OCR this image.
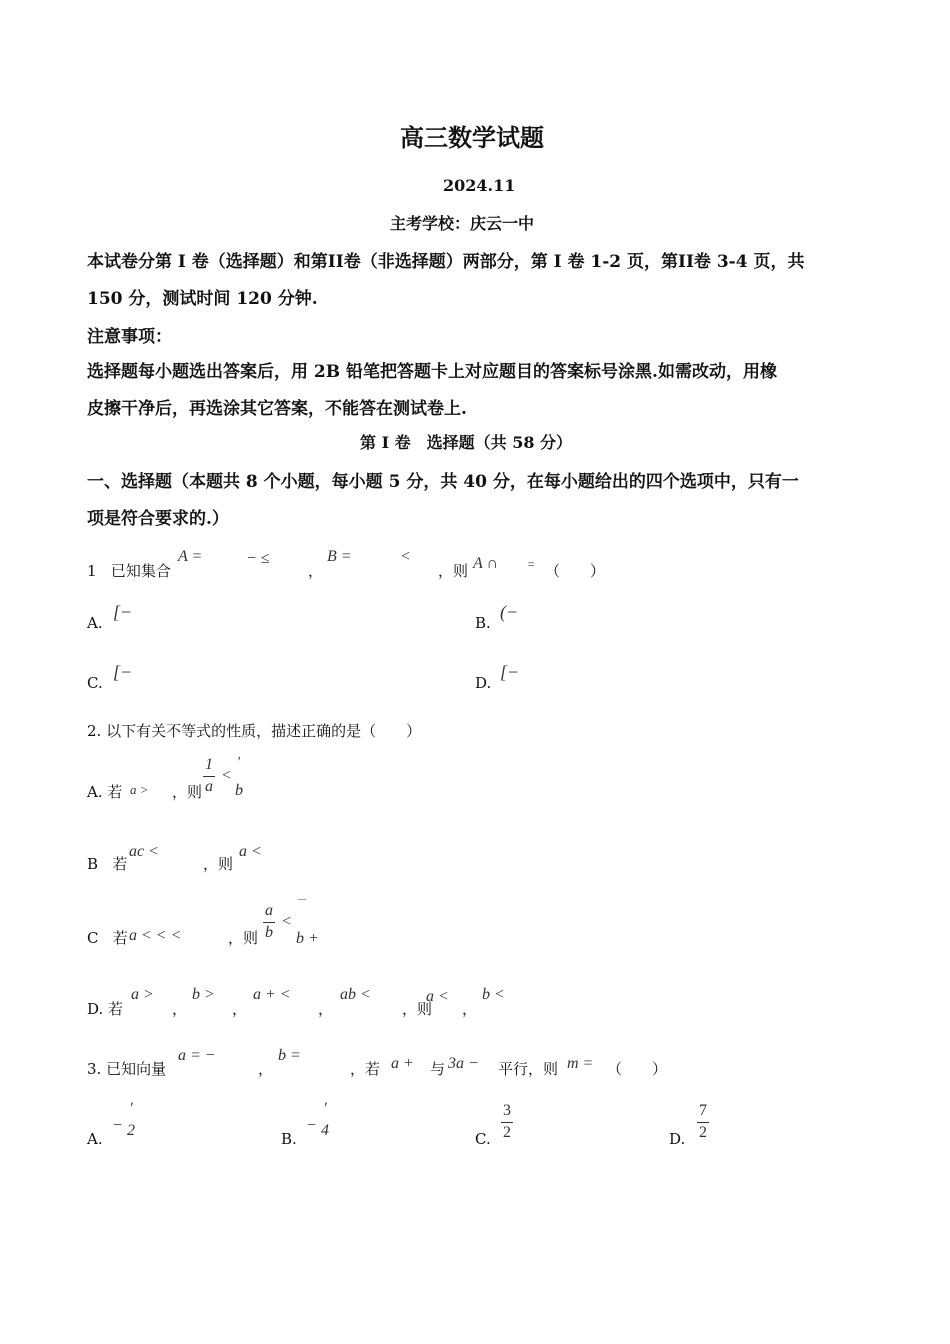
高三数学试题
2024.11
主考学校：庆云一中
本试卷分第 I 卷（选择题）和第II卷（非选择题）两部分，第 I 卷 1-2 页，第II卷 3-4 页，共
150 分，测试时间 120 分钟.
注意事项：
选择题每小题选出答案后，用 2B 铅笔把答题卡上对应题目的答案标号涂黑.如需改动，用橡
皮擦干净后，再选涂其它答案，不能答在测试卷上.
第 I 卷　选择题（共 58 分）
一、选择题（本题共 8 个小题，每小题 5 分，共 40 分，在每小题给出的四个选项中，只有一
项是符合要求的.）
1 已知集合
A =	− ≤
，
B =	<
，则 A ∩ = （　　）
A.
[−
B.
(−
C.
[−
D.
[−
2. 以下有关不等式的性质，描述正确的是（　　）
A. 若 a > ，则 $\frac{1}{a}$ <
'
b
B 若
ac <
，则
a <
C 若 a < < <	，则 $\frac{a}{b}$ <
‾‾
b +
D. 若
a >
，
b >
，
a + <
，
ab <
，则
a <
，
b <
3. 已知向量
a = −
，
b =
，若 a + 与 3a − 平行，则 m = （　　）
A.
−
'
2	B.
−
'
4	C. $\frac{3}{2}$	D. $\frac{7}{2}$
